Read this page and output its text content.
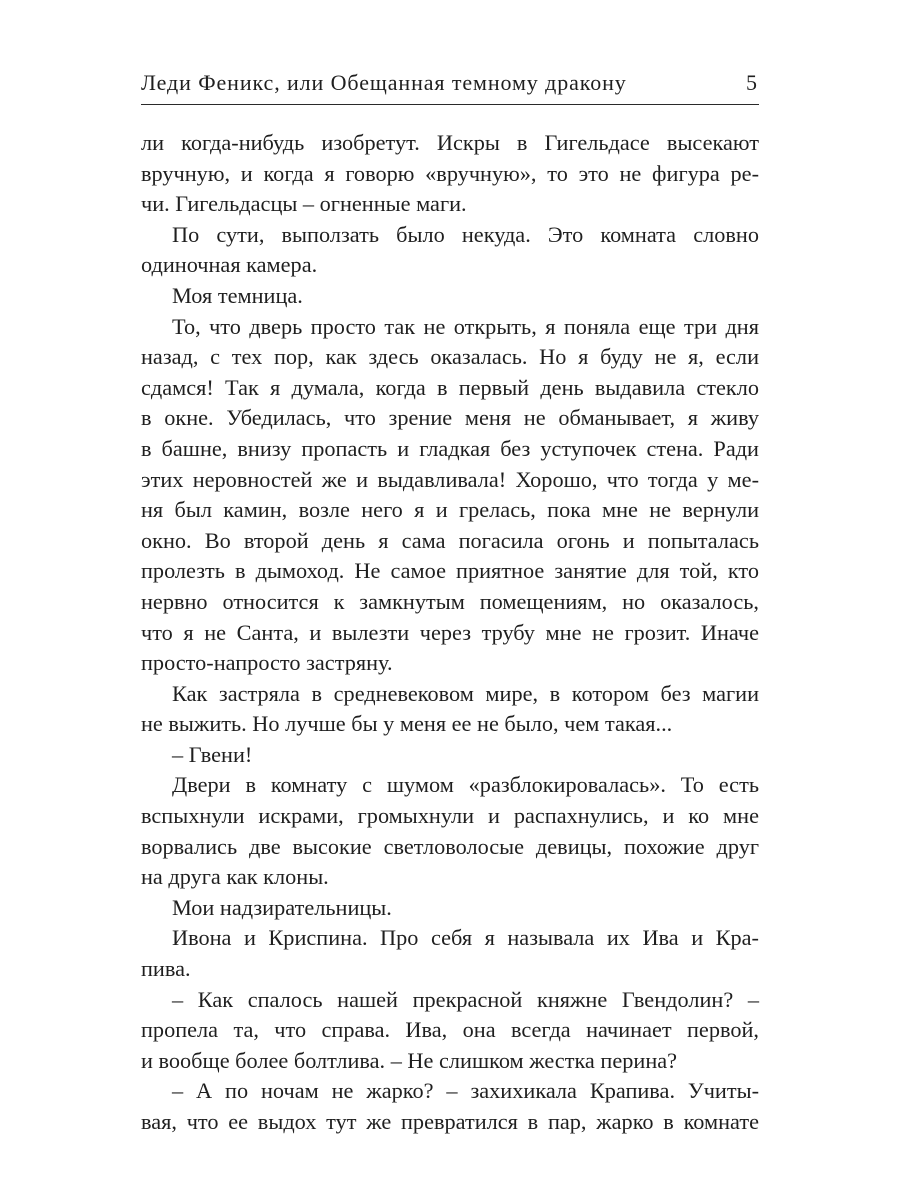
Леди Феникс, или Обещанная темному дракону	5
ли когда-нибудь изобретут. Искры в Гигельдасе высекают
вручную, и когда я говорю «вручную», то это не фигура ре-
чи. Гигельдасцы – огненные маги.
По сути, выползать было некуда. Это комната словно
одиночная камера.
Моя темница.
То, что дверь просто так не открыть, я поняла еще три дня
назад, с тех пор, как здесь оказалась. Но я буду не я, если
сдамся! Так я думала, когда в первый день выдавила стекло
в окне. Убедилась, что зрение меня не обманывает, я живу
в башне, внизу пропасть и гладкая без уступочек стена. Ради
этих неровностей же и выдавливала! Хорошо, что тогда у ме-
ня был камин, возле него я и грелась, пока мне не вернули
окно. Во второй день я сама погасила огонь и попыталась
пролезть в дымоход. Не самое приятное занятие для той, кто
нервно относится к замкнутым помещениям, но оказалось,
что я не Санта, и вылезти через трубу мне не грозит. Иначе
просто-напросто застряну.
Как застряла в средневековом мире, в котором без магии
не выжить. Но лучше бы у меня ее не было, чем такая...
– Гвени!
Двери в комнату с шумом «разблокировалась». То есть
вспыхнули искрами, громыхнули и распахнулись, и ко мне
ворвались две высокие светловолосые девицы, похожие друг
на друга как клоны.
Мои надзирательницы.
Ивона и Криспина. Про себя я называла их Ива и Кра-
пива.
– Как спалось нашей прекрасной княжне Гвендолин? –
пропела та, что справа. Ива, она всегда начинает первой,
и вообще более болтлива. – Не слишком жестка перина?
– А по ночам не жарко? – захихикала Крапива. Учиты-
вая, что ее выдох тут же превратился в пар, жарко в комнате
